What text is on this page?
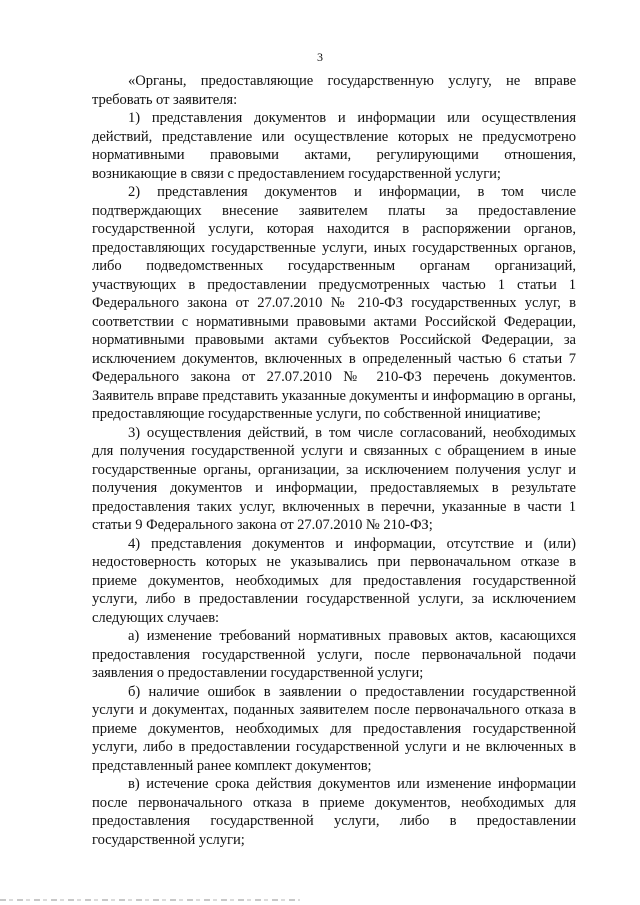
3

«Органы, предоставляющие государственную услугу, не вправе требовать от заявителя:

1) представления документов и информации или осуществления действий, представление или осуществление которых не предусмотрено нормативными правовыми актами, регулирующими отношения, возникающие в связи с предоставлением государственной услуги;

2) представления документов и информации, в том числе подтверждающих внесение заявителем платы за предоставление государственной услуги, которая находится в распоряжении органов, предоставляющих государственные услуги, иных государственных органов, либо подведомственных государственным органам организаций, участвующих в предоставлении предусмотренных частью 1 статьи 1 Федерального закона от 27.07.2010 № 210-ФЗ государственных услуг, в соответствии с нормативными правовыми актами Российской Федерации, нормативными правовыми актами субъектов Российской Федерации, за исключением документов, включенных в определенный частью 6 статьи 7 Федерального закона от 27.07.2010 № 210-ФЗ перечень документов. Заявитель вправе представить указанные документы и информацию в органы, предоставляющие государственные услуги, по собственной инициативе;

3) осуществления действий, в том числе согласований, необходимых для получения государственной услуги и связанных с обращением в иные государственные органы, организации, за исключением получения услуг и получения документов и информации, предоставляемых в результате предоставления таких услуг, включенных в перечни, указанные в части 1 статьи 9 Федерального закона от 27.07.2010 № 210-ФЗ;

4) представления документов и информации, отсутствие и (или) недостоверность которых не указывались при первоначальном отказе в приеме документов, необходимых для предоставления государственной услуги, либо в предоставлении государственной услуги, за исключением следующих случаев:

а) изменение требований нормативных правовых актов, касающихся предоставления государственной услуги, после первоначальной подачи заявления о предоставлении государственной услуги;

б) наличие ошибок в заявлении о предоставлении государственной услуги и документах, поданных заявителем после первоначального отказа в приеме документов, необходимых для предоставления государственной услуги, либо в предоставлении государственной услуги и не включенных в представленный ранее комплект документов;

в) истечение срока действия документов или изменение информации после первоначального отказа в приеме документов, необходимых для предоставления государственной услуги, либо в предоставлении государственной услуги;
